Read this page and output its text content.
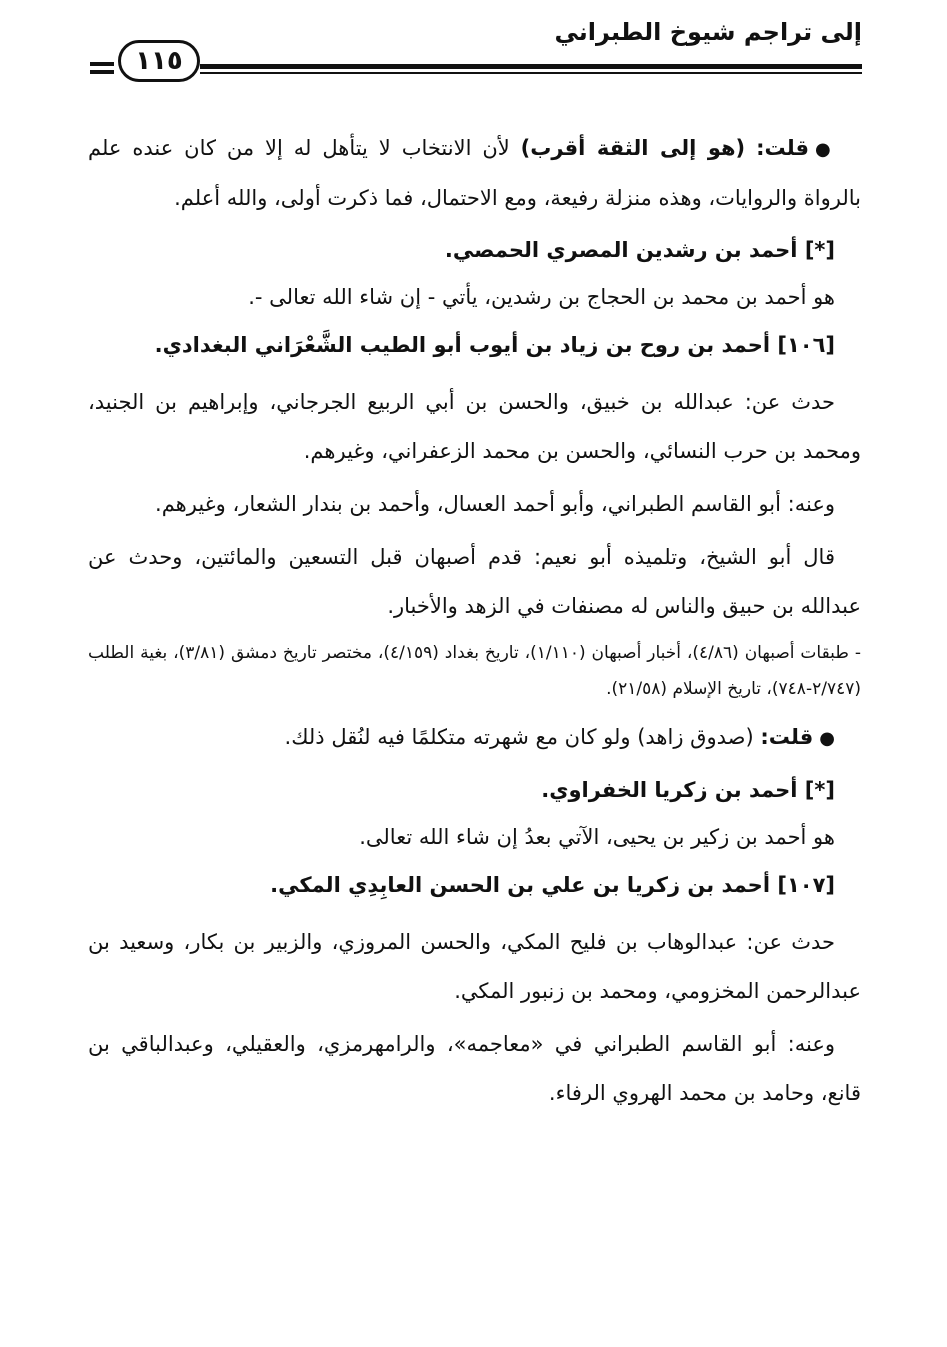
إلى تراجم شيوخ الطبراني
١١٥

●قلت: (هو إلى الثقة أقرب) لأن الانتخاب لا يتأهل له إلا من كان عنده علم بالرواة والروايات، وهذه منزلة رفيعة، ومع الاحتمال، فما ذكرت أولى، والله أعلم.

[*] أحمد بن رشدين المصري الحمصي.

هو أحمد بن محمد بن الحجاج بن رشدين، يأتي - إن شاء الله تعالى -.

[١٠٦] أحمد بن روح بن زياد بن أيوب أبو الطيب الشَّعْرَاني البغدادي.

حدث عن: عبدالله بن خبيق، والحسن بن أبي الربيع الجرجاني، وإبراهيم بن الجنيد، ومحمد بن حرب النسائي، والحسن بن محمد الزعفراني، وغيرهم.

وعنه: أبو القاسم الطبراني، وأبو أحمد العسال، وأحمد بن بندار الشعار، وغيرهم.

قال أبو الشيخ، وتلميذه أبو نعيم: قدم أصبهان قبل التسعين والمائتين، وحدث عن عبدالله بن حبيق والناس له مصنفات في الزهد والأخبار.

-طبقات أصبهان (٤/٨٦)، أخبار أصبهان (١/١١٠)، تاريخ بغداد (٤/١٥٩)، مختصر تاريخ دمشق (٣/٨١)، بغية الطلب (٢/٧٤٧-٧٤٨)، تاريخ الإسلام (٢١/٥٨).

●قلت: (صدوق زاهد) ولو كان مع شهرته متكلمًا فيه لنُقل ذلك.

[*] أحمد بن زكريا الخفراوي.

هو أحمد بن زكير بن يحيى، الآتي بعدُ إن شاء الله تعالى.

[١٠٧] أحمد بن زكريا بن علي بن الحسن العابِدِي المكي.

حدث عن: عبدالوهاب بن فليح المكي، والحسن المروزي، والزبير بن بكار، وسعيد بن عبدالرحمن المخزومي، ومحمد بن زنبور المكي.

وعنه: أبو القاسم الطبراني في «معاجمه»، والرامهرمزي، والعقيلي، وعبدالباقي بن قانع، وحامد بن محمد الهروي الرفاء.
